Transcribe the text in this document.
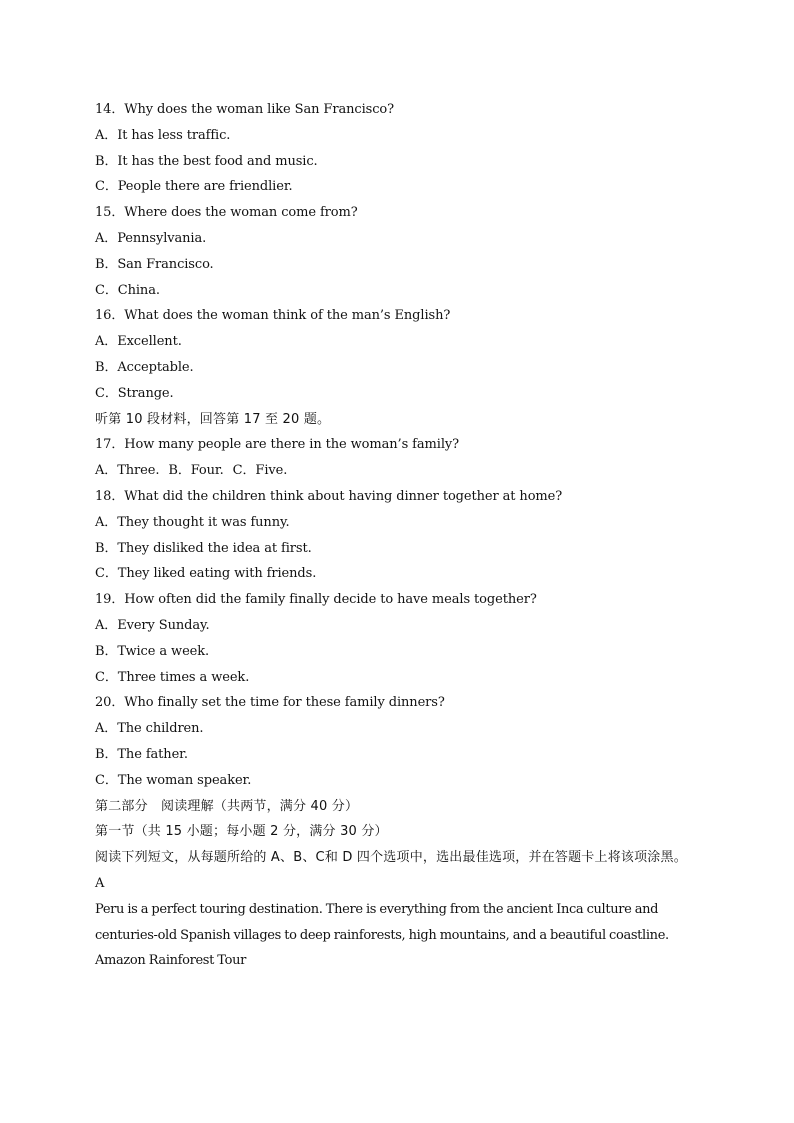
14．Why does the woman like San Francisco?
A．It has less traffic.
B．It has the best food and music.
C．People there are friendlier.
15．Where does the woman come from?
A．Pennsylvania.
B．San Francisco.
C．China.
16．What does the woman think of the man’s English?
A．Excellent.
B．Acceptable.
C．Strange.
听第 10 段材料，回答第 17 至 20 题。
17．How many people are there in the woman’s family?
A．Three. B．Four. C．Five.
18．What did the children think about having dinner together at home?
A．They thought it was funny.
B．They disliked the idea at first.
C．They liked eating with friends.
19．How often did the family finally decide to have meals together?
A．Every Sunday.
B．Twice a week.
C．Three times a week.
20．Who finally set the time for these family dinners?
A．The children.
B．The father.
C．The woman speaker.
第二部分　阅读理解（共两节，满分 40 分）
第一节（共 15 小题；每小题 2 分，满分 30 分）
阅读下列短文，从每题所给的 A、B、C和 D 四个选项中，选出最佳选项，并在答题卡上将该项涂黑。
A
Peru is a perfect touring destination. There is everything from the ancient Inca culture and
centuries-old Spanish villages to deep rainforests, high mountains, and a beautiful coastline.
Amazon Rainforest Tour
